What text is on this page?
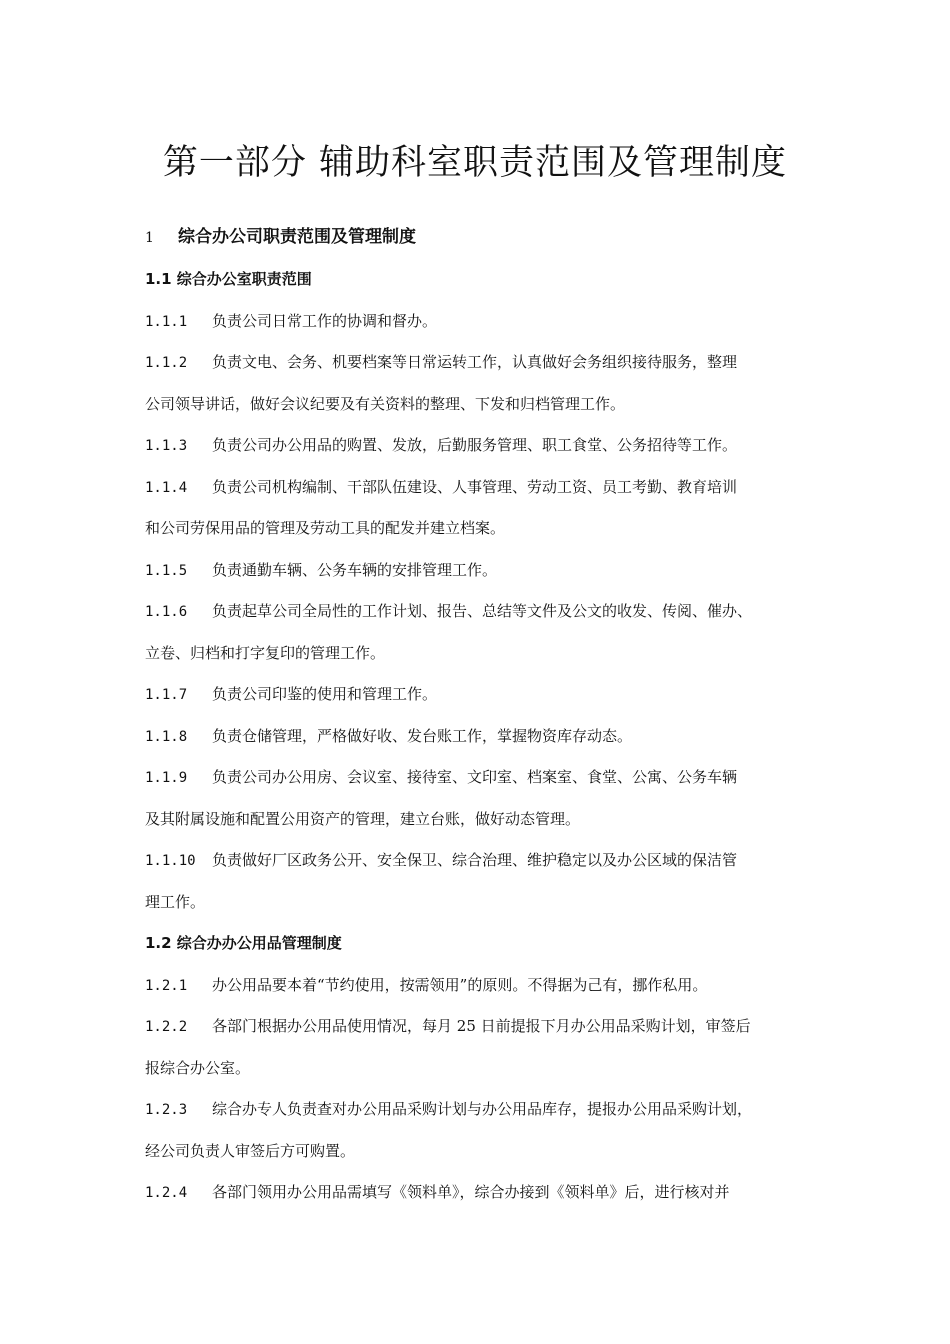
第一部分 辅助科室职责范围及管理制度
1 综合办公司职责范围及管理制度
1.1 综合办公室职责范围
1.1.1 负责公司日常工作的协调和督办。
1.1.2 负责文电、会务、机要档案等日常运转工作，认真做好会务组织接待服务，整理
公司领导讲话，做好会议纪要及有关资料的整理、下发和归档管理工作。
1.1.3 负责公司办公用品的购置、发放，后勤服务管理、职工食堂、公务招待等工作。
1.1.4 负责公司机构编制、干部队伍建设、人事管理、劳动工资、员工考勤、教育培训
和公司劳保用品的管理及劳动工具的配发并建立档案。
1.1.5 负责通勤车辆、公务车辆的安排管理工作。
1.1.6 负责起草公司全局性的工作计划、报告、总结等文件及公文的收发、传阅、催办、
立卷、归档和打字复印的管理工作。
1.1.7 负责公司印鉴的使用和管理工作。
1.1.8 负责仓储管理，严格做好收、发台账工作，掌握物资库存动态。
1.1.9 负责公司办公用房、会议室、接待室、文印室、档案室、食堂、公寓、公务车辆
及其附属设施和配置公用资产的管理，建立台账，做好动态管理。
1.1.10 负责做好厂区政务公开、安全保卫、综合治理、维护稳定以及办公区域的保洁管
理工作。
1.2 综合办办公用品管理制度
1.2.1 办公用品要本着“节约使用，按需领用”的原则。不得据为己有，挪作私用。
1.2.2 各部门根据办公用品使用情况，每月 25 日前提报下月办公用品采购计划，审签后
报综合办公室。
1.2.3 综合办专人负责查对办公用品采购计划与办公用品库存，提报办公用品采购计划，
经公司负责人审签后方可购置。
1.2.4 各部门领用办公用品需填写《领料单》，综合办接到《领料单》后，进行核对并
